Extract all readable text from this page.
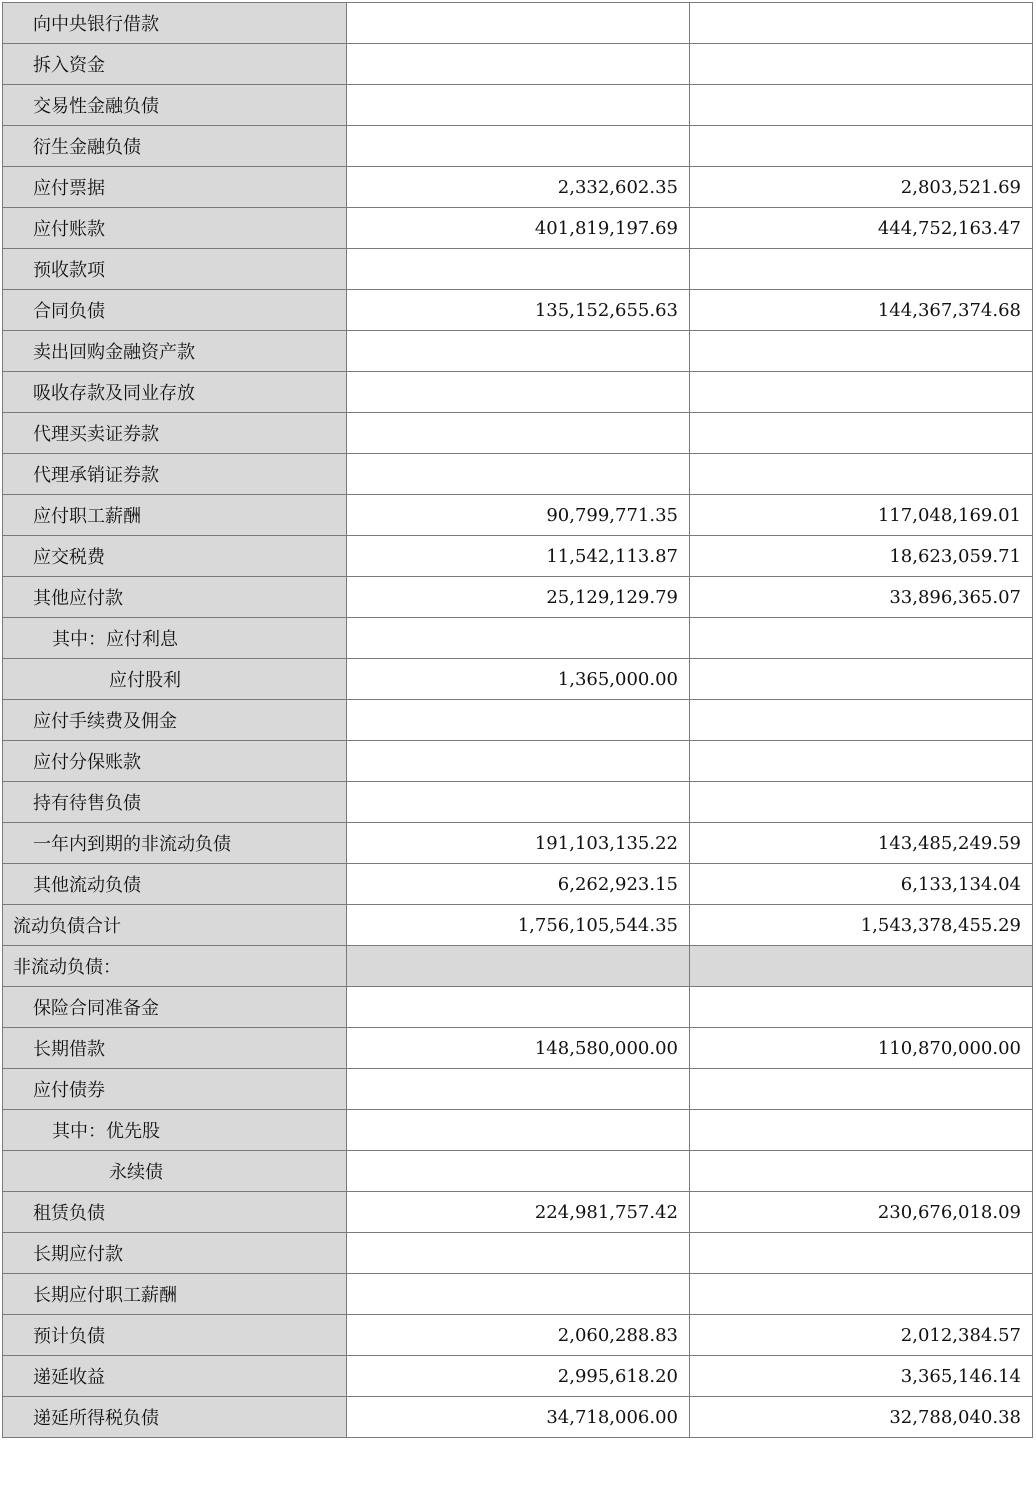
向中央银行借款		
拆入资金		
交易性金融负债		
衍生金融负债		
应付票据	2,332,602.35	2,803,521.69
应付账款	401,819,197.69	444,752,163.47
预收款项		
合同负债	135,152,655.63	144,367,374.68
卖出回购金融资产款		
吸收存款及同业存放		
代理买卖证券款		
代理承销证券款		
应付职工薪酬	90,799,771.35	117,048,169.01
应交税费	11,542,113.87	18,623,059.71
其他应付款	25,129,129.79	33,896,365.07
其中：应付利息		
应付股利	1,365,000.00	
应付手续费及佣金		
应付分保账款		
持有待售负债		
一年内到期的非流动负债	191,103,135.22	143,485,249.59
其他流动负债	6,262,923.15	6,133,134.04
流动负债合计	1,756,105,544.35	1,543,378,455.29
非流动负债：		
保险合同准备金		
长期借款	148,580,000.00	110,870,000.00
应付债券		
其中：优先股		
永续债		
租赁负债	224,981,757.42	230,676,018.09
长期应付款		
长期应付职工薪酬		
预计负债	2,060,288.83	2,012,384.57
递延收益	2,995,618.20	3,365,146.14
递延所得税负债	34,718,006.00	32,788,040.38
